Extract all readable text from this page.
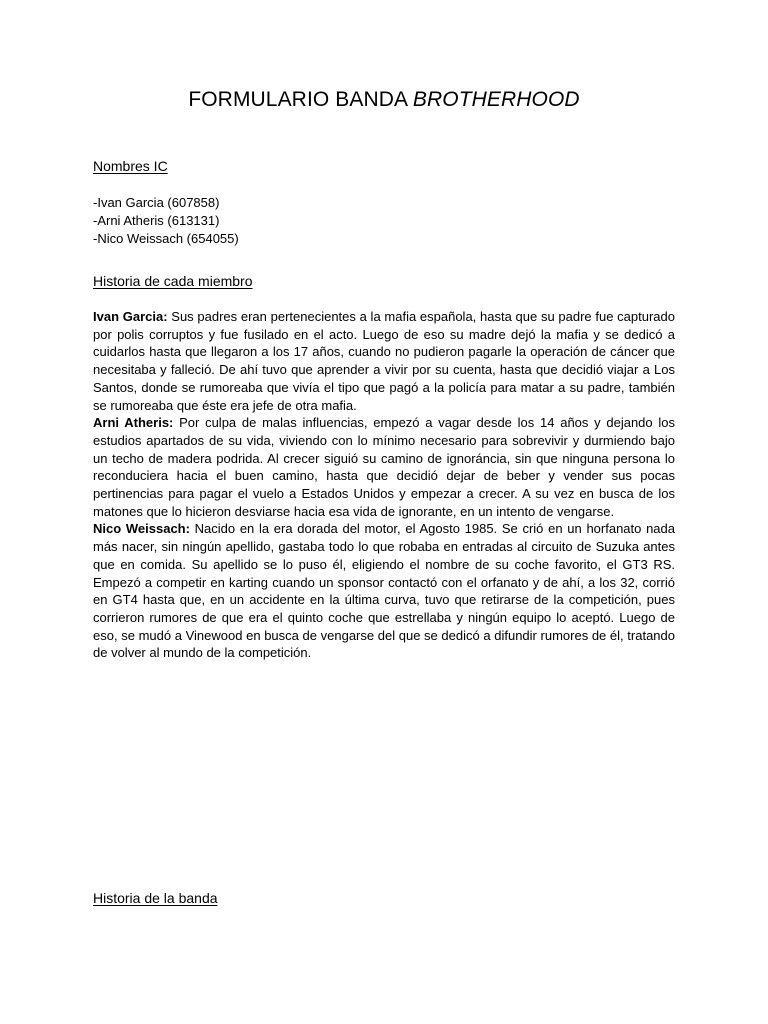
FORMULARIO BANDA BROTHERHOOD
Nombres IC
-Ivan Garcia (607858)
-Arni Atheris (613131)
-Nico Weissach (654055)
Historia de cada miembro

Ivan Garcia: Sus padres eran pertenecientes a la mafia española, hasta que su padre fue capturado por polis corruptos y fue fusilado en el acto. Luego de eso su madre dejó la mafia y se dedicó a cuidarlos hasta que llegaron a los 17 años, cuando no pudieron pagarle la operación de cáncer que necesitaba y falleció. De ahí tuvo que aprender a vivir por su cuenta, hasta que decidió viajar a Los Santos, donde se rumoreaba que vivía el tipo que pagó a la policía para matar a su padre, también se rumoreaba que éste era jefe de otra mafia.

Arni Atheris: Por culpa de malas influencias, empezó a vagar desde los 14 años y dejando los estudios apartados de su vida, viviendo con lo mínimo necesario para sobrevivir y durmiendo bajo un techo de madera podrida. Al crecer siguió su camino de ignoráncia, sin que ninguna persona lo reconduciera hacia el buen camino, hasta que decidió dejar de beber y vender sus pocas pertinencias para pagar el vuelo a Estados Unidos y empezar a crecer. A su vez en busca de los matones que lo hicieron desviarse hacia esa vida de ignorante, en un intento de vengarse.

Nico Weissach: Nacido en la era dorada del motor, el Agosto 1985. Se crió en un horfanato nada más nacer, sin ningún apellido, gastaba todo lo que robaba en entradas al circuito de Suzuka antes que en comida. Su apellido se lo puso él, eligiendo el nombre de su coche favorito, el GT3 RS. Empezó a competir en karting cuando un sponsor contactó con el orfanato y de ahí, a los 32, corrió en GT4 hasta que, en un accidente en la última curva, tuvo que retirarse de la competición, pues corrieron rumores de que era el quinto coche que estrellaba y ningún equipo lo aceptó. Luego de eso, se mudó a Vinewood en busca de vengarse del que se dedicó a difundir rumores de él, tratando de volver al mundo de la competición.

Historia de la banda
